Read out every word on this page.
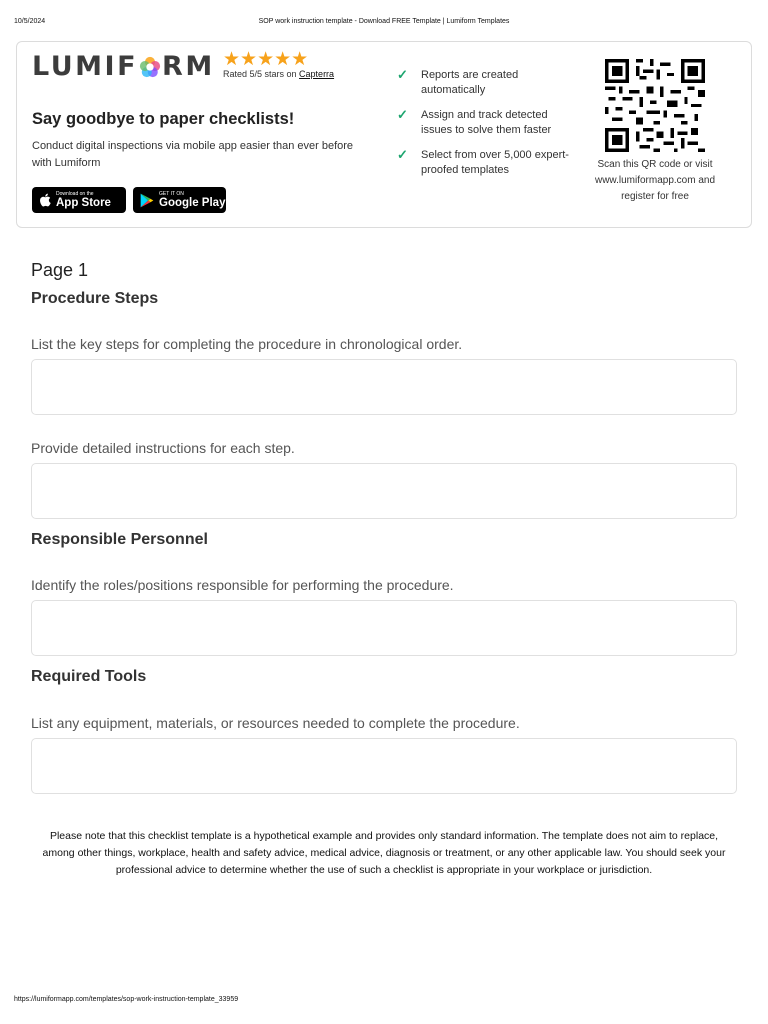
10/5/2024	SOP work instruction template - Download FREE Template | Lumiform Templates
LUMIF RM ★★★★★
Rated 5/5 stars on Capterra
Say goodbye to paper checklists!
Conduct digital inspections via mobile app easier than ever before with Lumiform
Download on the
App Store
GET IT ON
Google Play
✓ Reports are created automatically
✓ Assign and track detected issues to solve them faster
✓ Select from over 5,000 expert-proofed templates	Scan this QR code or visit www.lumiformapp.com and register for free
Page 1
Procedure Steps
List the key steps for completing the procedure in chronological order.
Provide detailed instructions for each step.
Responsible Personnel
Identify the roles/positions responsible for performing the procedure.
Required Tools
List any equipment, materials, or resources needed to complete the procedure.
Please note that this checklist template is a hypothetical example and provides only standard information. The template does not aim to replace, among other things, workplace, health and safety advice, medical advice, diagnosis or treatment, or any other applicable law. You should seek your professional advice to determine whether the use of such a checklist is appropriate in your workplace or jurisdiction.
https://lumiformapp.com/templates/sop-work-instruction-template_33959
